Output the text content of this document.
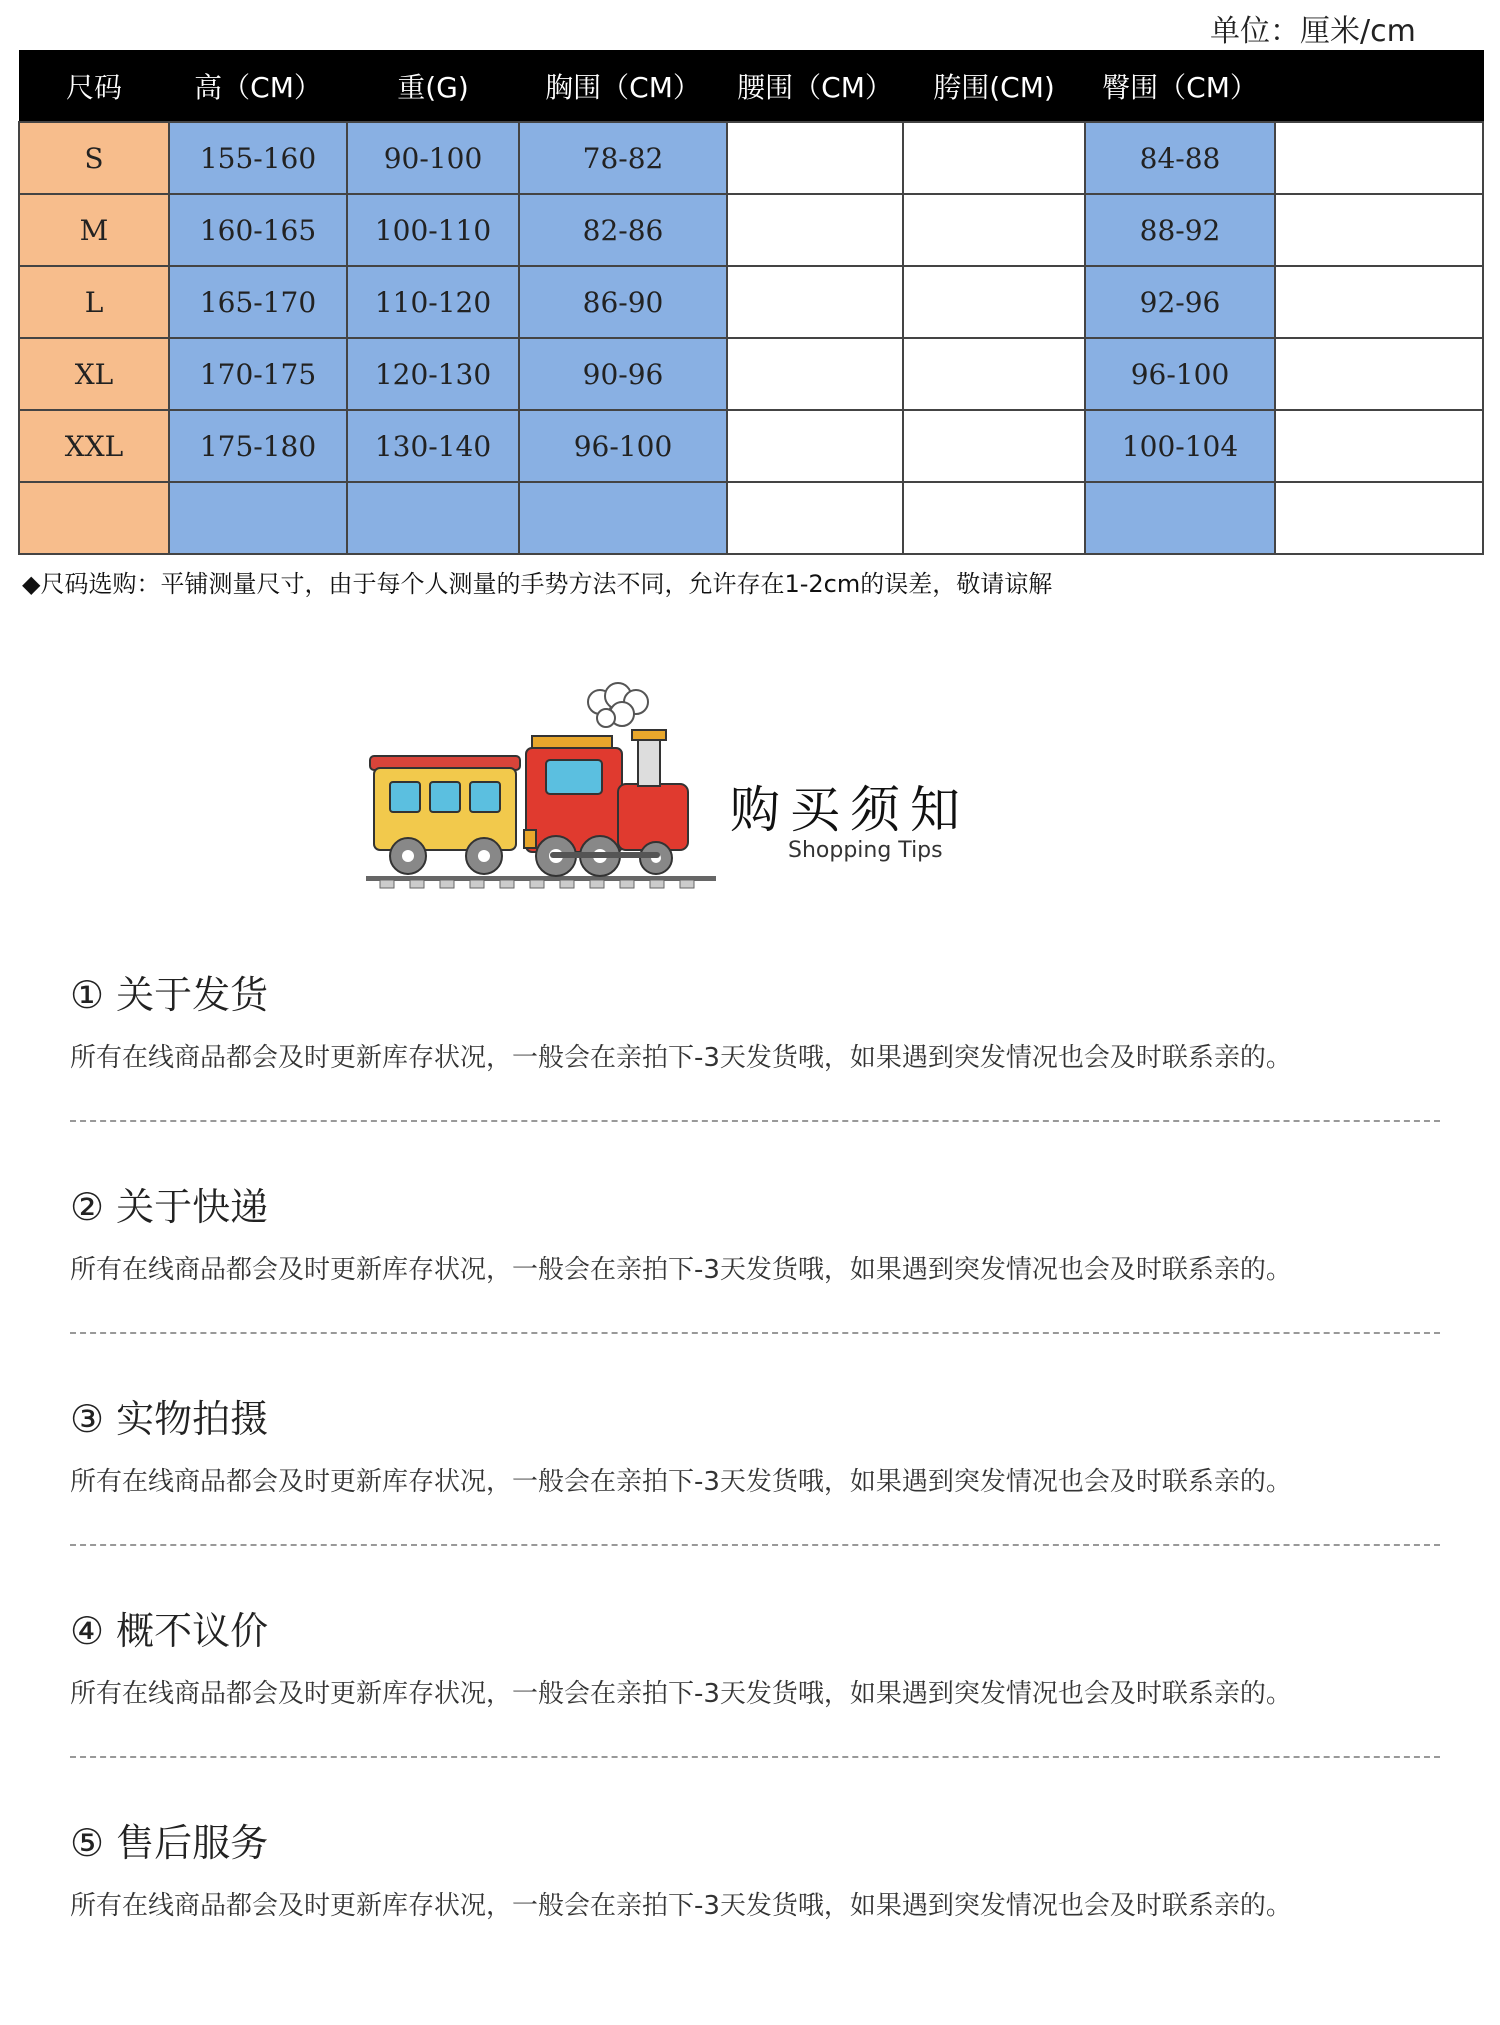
单位：厘米/cm
尺码	高（CM）	重(G)	胸围（CM）	腰围（CM）	胯围(CM)	臀围（CM）	
S	155-160	90-100	78-82			84-88	
M	160-165	100-110	82-86			88-92	
L	165-170	110-120	86-90			92-96	
XL	170-175	120-130	90-96			96-100	
XXL	175-180	130-140	96-100			100-104	

◆尺码选购：平铺测量尺寸，由于每个人测量的手势方法不同，允许存在1-2cm的误差，敬请谅解
购买须知
Shopping Tips
① 关于发货
所有在线商品都会及时更新库存状况，一般会在亲拍下-3天发货哦，如果遇到突发情况也会及时联系亲的。
② 关于快递
所有在线商品都会及时更新库存状况，一般会在亲拍下-3天发货哦，如果遇到突发情况也会及时联系亲的。
③ 实物拍摄
所有在线商品都会及时更新库存状况，一般会在亲拍下-3天发货哦，如果遇到突发情况也会及时联系亲的。
④ 概不议价
所有在线商品都会及时更新库存状况，一般会在亲拍下-3天发货哦，如果遇到突发情况也会及时联系亲的。
⑤ 售后服务
所有在线商品都会及时更新库存状况，一般会在亲拍下-3天发货哦，如果遇到突发情况也会及时联系亲的。
